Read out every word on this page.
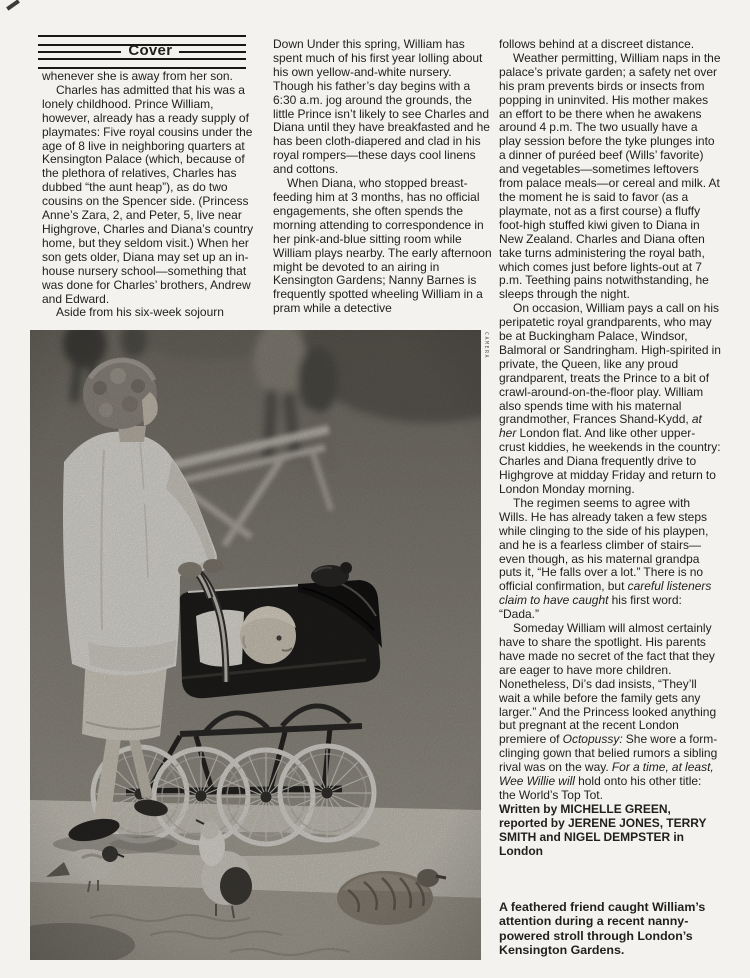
Cover

whenever she is away from her son.

Charles has admitted that his was a lonely childhood. Prince William, however, already has a ready supply of playmates: Five royal cousins under the age of 8 live in neighboring quarters at Kensington Palace (which, because of the plethora of relatives, Charles has dubbed “the aunt heap”), as do two cousins on the Spencer side. (Princess Anne’s Zara, 2, and Peter, 5, live near Highgrove, Charles and Diana’s country home, but they seldom visit.) When her son gets older, Diana may set up an in-house nursery school—something that was done for Charles’ brothers, Andrew and Edward.

Aside from his six-week sojourn

Down Under this spring, William has spent much of his first year lolling about his own yellow-and-white nursery. Though his father’s day begins with a 6:30 a.m. jog around the grounds, the little Prince isn’t likely to see Charles and Diana until they have breakfasted and he has been cloth-diapered and clad in his royal rompers—these days cool linens and cottons.

When Diana, who stopped breast-feeding him at 3 months, has no official engagements, she often spends the morning attending to correspondence in her pink-and-blue sitting room while William plays nearby. The early afternoon might be devoted to an airing in Kensington Gardens; Nanny Barnes is frequently spotted wheeling William in a pram while a detective

follows behind at a discreet distance.

Weather permitting, William naps in the palace’s private garden; a safety net over his pram prevents birds or insects from popping in uninvited. His mother makes an effort to be there when he awakens around 4 p.m. The two usually have a play session before the tyke plunges into a dinner of puréed beef (Wills’ favorite) and vegetables—sometimes leftovers from palace meals—or cereal and milk. At the moment he is said to favor (as a playmate, not as a first course) a fluffy foot-high stuffed kiwi given to Diana in New Zealand. Charles and Diana often take turns administering the royal bath, which comes just before lights-out at 7 p.m. Teething pains notwithstanding, he sleeps through the night.

On occasion, William pays a call on his peripatetic royal grandparents, who may be at Buckingham Palace, Windsor, Balmoral or Sandringham. High-spirited in private, the Queen, like any proud grandparent, treats the Prince to a bit of crawl-around-on-the-floor play. William also spends time with his maternal grandmother, Frances Shand-Kydd, at her London flat. And like other upper-crust kiddies, he weekends in the country: Charles and Diana frequently drive to Highgrove at midday Friday and return to London Monday morning.

The regimen seems to agree with Wills. He has already taken a few steps while clinging to the side of his playpen, and he is a fearless climber of stairs—even though, as his maternal grandpa puts it, “He falls over a lot.” There is no official confirmation, but careful listeners claim to have caught his first word: “Dada.”

Someday William will almost certainly have to share the spotlight. His parents have made no secret of the fact that they are eager to have more children. Nonetheless, Di’s dad insists, “They’ll wait a while before the family gets any larger.” And the Princess looked anything but pregnant at the recent London premiere of Octopussy: She wore a form-clinging gown that belied rumors a sibling rival was on the way. For a time, at least, Wee Willie will hold onto his other title: the World’s Top Tot.

Written by MICHELLE GREEN, reported by JERENE JONES, TERRY SMITH and NIGEL DEMPSTER in London

CAMERA
A feathered friend caught William’s attention during a recent nanny-powered stroll through London’s Kensington Gardens.
